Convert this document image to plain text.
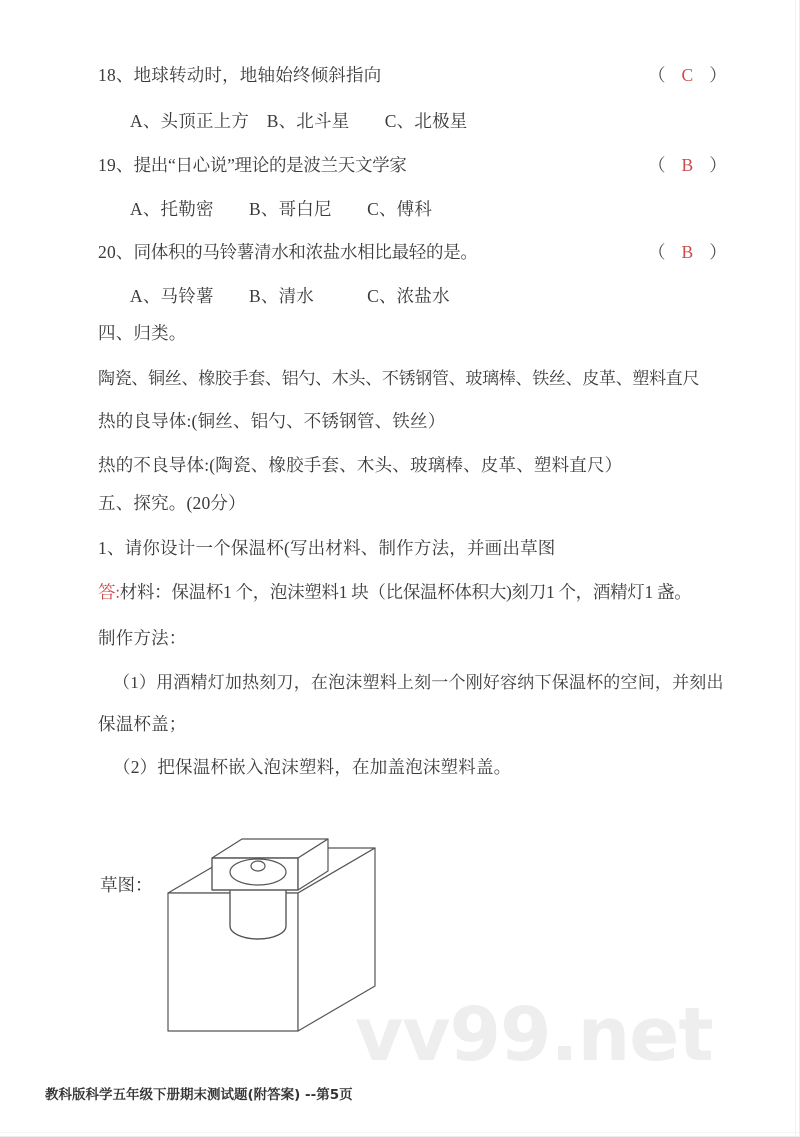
vv99.net
18、地球转动时，地轴始终倾斜指向	（ C ）
A、头顶正上方　B、北斗星　　C、北极星
19、提出“日心说”理论的是波兰天文学家	（ B ）
A、托勒密　　B、哥白尼　　C、傅科
20、同体积的马铃薯清水和浓盐水相比最轻的是。	（ B ）
A、马铃薯　　B、清水　　　C、浓盐水
四、归类。
陶瓷、铜丝、橡胶手套、铝勺、木头、不锈钢管、玻璃棒、铁丝、皮革、塑料直尺
热的良导体:(铜丝、铝勺、不锈钢管、铁丝）
热的不良导体:(陶瓷、橡胶手套、木头、玻璃棒、皮革、塑料直尺）
五、探究。(20分）
1、请你设计一个保温杯(写出材料、制作方法，并画出草图
答:材料：保温杯1 个，泡沫塑料1 块（比保温杯体积大)刻刀1 个，酒精灯1 盏。
制作方法：
（1）用酒精灯加热刻刀，在泡沫塑料上刻一个刚好容纳下保温杯的空间，并刻出
保温杯盖；
（2）把保温杯嵌入泡沫塑料，在加盖泡沫塑料盖。
草图：
教科版科学五年级下册期末测试题(附答案) --第5页
